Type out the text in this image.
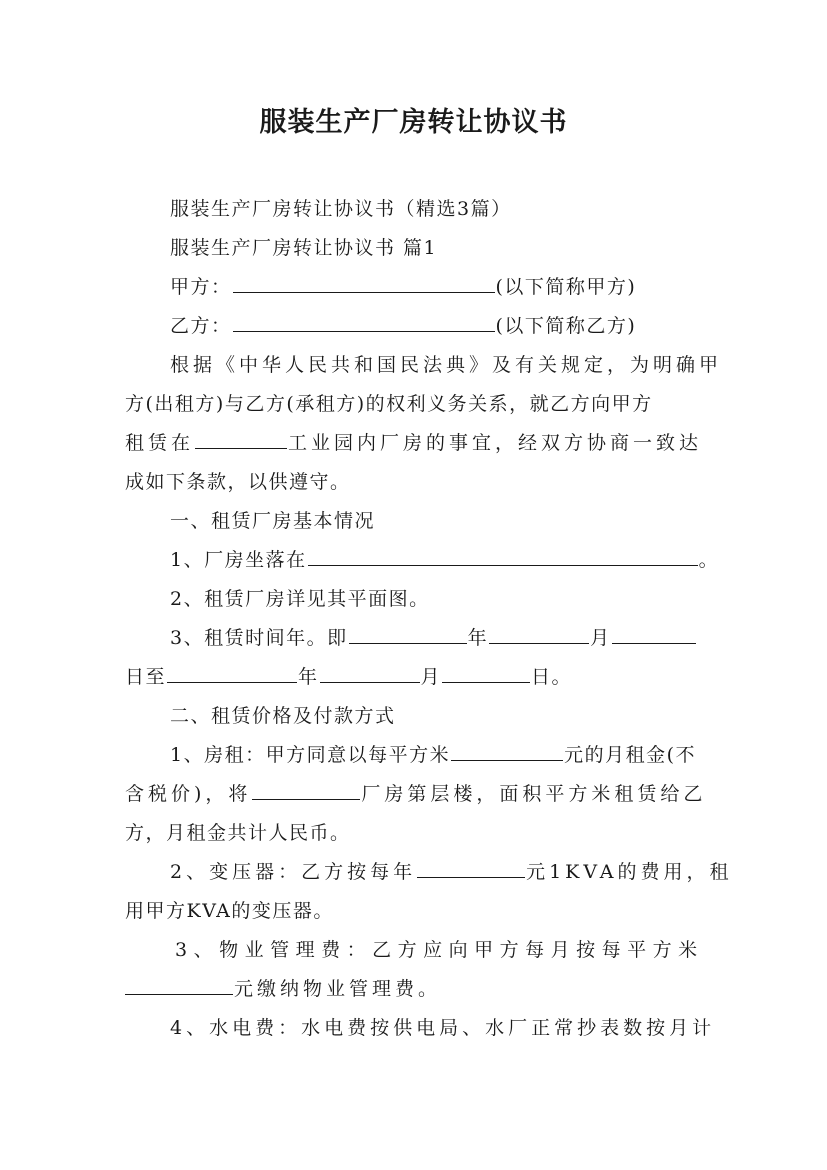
服装生产厂房转让协议书
服装生产厂房转让协议书（精选3篇）
服装生产厂房转让协议书 篇1
甲方：	(以下简称甲方)
乙方：	(以下简称乙方)
根据《中华人民共和国民法典》及有关规定，为明确甲
方(出租方)与乙方(承租方)的权利义务关系，就乙方向甲方
租赁在	工业园内厂房的事宜，经双方协商一致达
成如下条款，以供遵守。
一、租赁厂房基本情况
1、厂房坐落在	。
2、租赁厂房详见其平面图。
3、租赁时间年。即	年	月
日至	年	月	日。
二、租赁价格及付款方式
1、房租：甲方同意以每平方米	元的月租金(不
含税价)，将	厂房第层楼，面积平方米租赁给乙
方，月租金共计人民币。
2、变压器：乙方按每年	元1KVA的费用，租
用甲方KVA的变压器。
3、物业管理费：乙方应向甲方每月按每平方米
元缴纳物业管理费。
4、水电费：水电费按供电局、水厂正常抄表数按月计
